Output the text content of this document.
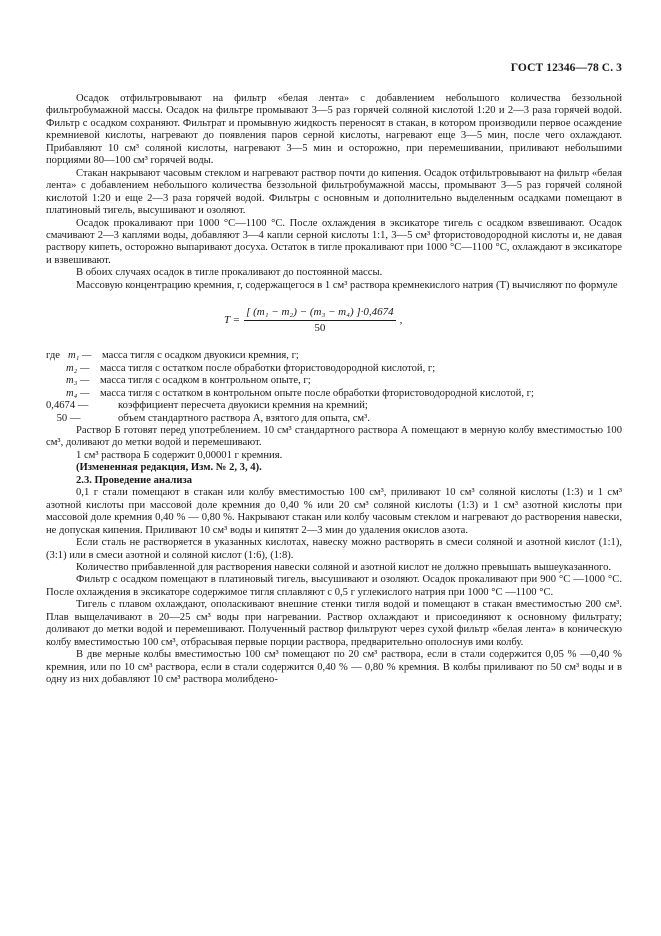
ГОСТ 12346—78 С. 3

Осадок отфильтровывают на фильтр «белая лента» с добавлением небольшого количества беззольной фильтробумажной массы. Осадок на фильтре промывают 3—5 раз горячей соляной кислотой 1:20 и 2—3 раза горячей водой. Фильтр с осадком сохраняют. Фильтрат и промывную жидкость переносят в стакан, в котором производили первое осаждение кремниевой кислоты, нагревают до появления паров серной кислоты, нагревают еще 3—5 мин, после чего охлаждают. Прибавляют 10 см³ соляной кислоты, нагревают 3—5 мин и осторожно, при перемешивании, приливают небольшими порциями 80—100 см³ горячей воды.

Стакан накрывают часовым стеклом и нагревают раствор почти до кипения. Осадок отфильтровывают на фильтр «белая лента» с добавлением небольшого количества беззольной фильтробумажной массы, промывают 3—5 раз горячей соляной кислотой 1:20 и еще 2—3 раза горячей водой. Фильтры с основным и дополнительно выделенным осадками помещают в платиновый тигель, высушивают и озоляют.

Осадок прокаливают при 1000 °С—1100 °С. После охлаждения в эксикаторе тигель с осадком взвешивают. Осадок смачивают 2—3 каплями воды, добавляют 3—4 капли серной кислоты 1:1, 3—5 см³ фтористоводородной кислоты и, не давая раствору кипеть, осторожно выпаривают досуха. Остаток в тигле прокаливают при 1000 °С—1100 °С, охлаждают в эксикаторе и взвешивают.

В обоих случаях осадок в тигле прокаливают до постоянной массы.

Массовую концентрацию кремния, г, содержащегося в 1 см³ раствора кремнекислого натрия (Т) вычисляют по формуле

$T = \frac{\text{[ (m₁ − m₂) − (m₃ − m₄) ]·0,4674}}{50}$ ,
где m₁ — масса тигля с осадком двуокиси кремния, г;
m₂ — масса тигля с остатком после обработки фтористоводородной кислотой, г;
m₃ — масса тигля с осадком в контрольном опыте, г;
m₄ — масса тигля с остатком в контрольном опыте после обработки фтористоводородной кислотой, г;
0,4674 —	коэффициент пересчета двуокиси кремния на кремний;
50 —	объем стандартного раствора А, взятого для опыта, см³.

Раствор Б готовят перед употреблением. 10 см³ стандартного раствора А помещают в мерную колбу вместимостью 100 см³, доливают до метки водой и перемешивают.

1 см³ раствора Б содержит 0,00001 г кремния.

(Измененная редакция, Изм. № 2, 3, 4).

2.3. Проведение анализа

0,1 г стали помещают в стакан или колбу вместимостью 100 см³, приливают 10 см³ соляной кислоты (1:3) и 1 см³ азотной кислоты при массовой доле кремния до 0,40 % или 20 см³ соляной кислоты (1:3) и 1 см³ азотной кислоты при массовой доле кремния 0,40 % — 0,80 %. Накрывают стакан или колбу часовым стеклом и нагревают до растворения навески, не допуская кипения. Приливают 10 см³ воды и кипятят 2—3 мин до удаления окислов азота.

Если сталь не растворяется в указанных кислотах, навеску можно растворять в смеси соляной и азотной кислот (1:1), (3:1) или в смеси азотной и соляной кислот (1:6), (1:8).

Количество прибавленной для растворения навески соляной и азотной кислот не должно превышать вышеуказанного.

Фильтр с осадком помещают в платиновый тигель, высушивают и озоляют. Осадок прокаливают при 900 °С —1000 °С. После охлаждения в эксикаторе содержимое тигля сплавляют с 0,5 г углекислого натрия при 1000 °С —1100 °С.

Тигель с плавом охлаждают, ополаскивают внешние стенки тигля водой и помещают в стакан вместимостью 200 см³. Плав выщелачивают в 20—25 см³ воды при нагревании. Раствор охлаждают и присоединяют к основному фильтрату; доливают до метки водой и перемешивают. Полученный раствор фильтруют через сухой фильтр «белая лента» в коническую колбу вместимостью 100 см³, отбрасывая первые порции раствора, предварительно ополоснув ими колбу.

В две мерные колбы вместимостью 100 см³ помещают по 20 см³ раствора, если в стали содержится 0,05 % —0,40 % кремния, или по 10 см³ раствора, если в стали содержится 0,40 % — 0,80 % кремния. В колбы приливают по 50 см³ воды и в одну из них добавляют 10 см³ раствора молибдено-
